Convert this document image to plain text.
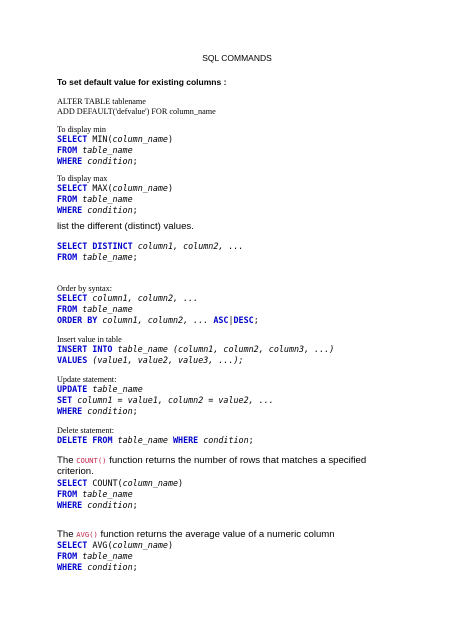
SQL COMMANDS
To set default value for existing columns :
ALTER TABLE tablename
ADD DEFAULT('defvalue') FOR column_name
To display min
SELECT MIN(column_name)
FROM table_name
WHERE condition;
To display max
SELECT MAX(column_name)
FROM table_name
WHERE condition;
list the different (distinct) values.
SELECT DISTINCT column1, column2, ...
FROM table_name;
Order by syntax:
SELECT column1, column2, ...
FROM table_name
ORDER BY column1, column2, ... ASC|DESC;
Insert value in table
INSERT INTO table_name (column1, column2, column3, ...)
VALUES (value1, value2, value3, ...);
Update statement:
UPDATE table_name
SET column1 = value1, column2 = value2, ...
WHERE condition;
Delete statement:
DELETE FROM table_name WHERE condition;
The COUNT() function returns the number of rows that matches a specified
criterion.
SELECT COUNT(column_name)
FROM table_name
WHERE condition;
The AVG() function returns the average value of a numeric column
SELECT AVG(column_name)
FROM table_name
WHERE condition;
